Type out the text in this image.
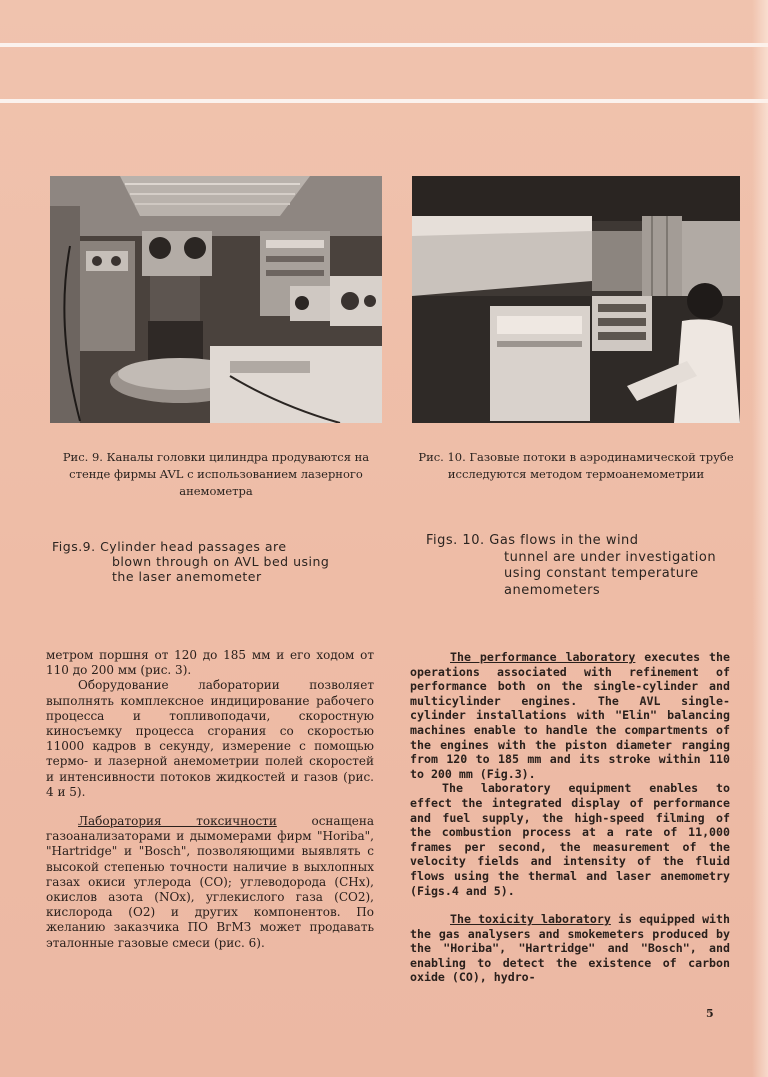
Рис. 9. Каналы головки цилиндра продуваются на стенде фирмы AVL с использованием лазерного анемометра
Рис. 10. Газовые потоки в аэродинамической трубе исследуются методом термоанемометрии
Figs.9. Cylinder head passages are
blown through on AVL bed using the laser anemometer
Figs. 10. Gas flows in the wind
tunnel are under investigation using constant temperature anemometers

метром поршня от 120 до 185 мм и его ходом от 110 до 200 мм (рис. 3).

Оборудование лаборатории позволяет выполнять комплексное индицирование рабочего процесса и топливоподачи, скоростную киносъемку процесса сгорания со скоростью 11000 кадров в секунду, измерение с помощью термо- и лазерной анемометрии полей скоростей и интенсивности потоков жидкостей и газов (рис. 4 и 5).

Лаборатория токсичности оснащена газоанализаторами и дымомерами фирм "Horiba", "Hartridge" и "Bosch", позволяющими выявлять с высокой степенью точности наличие в выхлопных газах окиси углерода (CO); углеводорода (CHx), окислов азота (NOx), углекислого газа (CO2), кислорода (O2) и других компонентов. По желанию заказчика ПО ВгМЗ может продавать эталонные газовые смеси (рис. 6).

The performance laboratory executes the operations associated with refinement of performance both on the single-cylinder and multicylinder engines. The AVL single-cylinder installations with "Elin" balancing machines enable to handle the compartments of the engines with the piston diameter ranging from 120 to 185 mm and its stroke within 110 to 200 mm (Fig.3).

The laboratory equipment enables to effect the integrated display of performance and fuel supply, the high-speed filming of the combustion process at a rate of 11,000 frames per second, the measurement of the velocity fields and intensity of the fluid flows using the thermal and laser anemometry (Figs.4 and 5).

The toxicity laboratory is equipped with the gas analysers and smokemeters produced by the "Horiba", "Hartridge" and "Bosch", and enabling to detect the existence of carbon oxide (CO), hydro-

5
